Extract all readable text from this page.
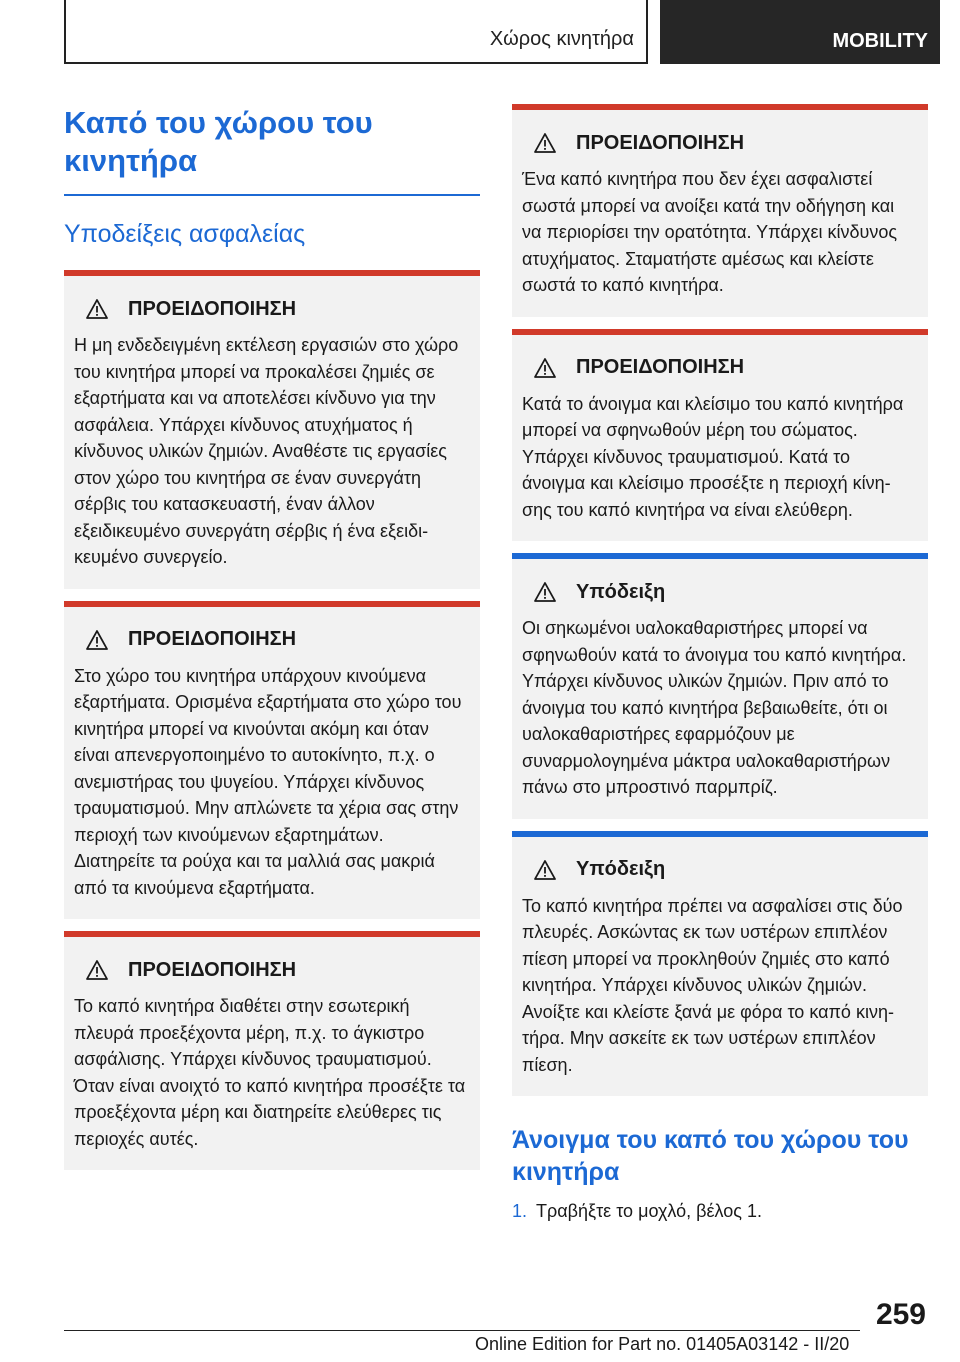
Χώρος κινητήρα	MOBILITY
Καπό του χώρου του κινητήρα
Υποδείξεις ασφαλείας
ΠΡΟΕΙΔΟΠΟΙΗΣΗ
Η μη ενδεδειγμένη εκτέλεση εργασιών στο χώρο του κινητήρα μπορεί να προκαλέσει ζημιές σε εξαρτήματα και να αποτελέσει κίνδυνο για την ασφάλεια. Υπάρχει κίνδυνος ατυχήματος ή κίνδυνος υλικών ζημιών. Αναθέστε τις εργασίες στον χώρο του κινητήρα σε έναν συνεργάτη σέρβις του κατασκευαστή, έναν άλλον εξειδικευμένο συνεργάτη σέρβις ή ένα εξειδικευμένο συνεργείο.
ΠΡΟΕΙΔΟΠΟΙΗΣΗ
Στο χώρο του κινητήρα υπάρχουν κινούμενα εξαρτήματα. Ορισμένα εξαρτήματα στο χώρο του κινητήρα μπορεί να κινούνται ακόμη και όταν είναι απενεργοποιημένο το αυτοκίνητο, π.χ. ο ανεμιστήρας του ψυγείου. Υπάρχει κίνδυνος τραυματισμού. Μην απλώνετε τα χέρια σας στην περιοχή των κινούμενων εξαρτημάτων. Διατηρείτε τα ρούχα και τα μαλλιά σας μακριά από τα κινούμενα εξαρτήματα.
ΠΡΟΕΙΔΟΠΟΙΗΣΗ
Το καπό κινητήρα διαθέτει στην εσωτερική πλευρά προεξέχοντα μέρη, π.χ. το άγκιστρο ασφάλισης. Υπάρχει κίνδυνος τραυματισμού. Όταν είναι ανοιχτό το καπό κινητήρα προσέξτε τα προεξέχοντα μέρη και διατηρείτε ελεύθερες τις περιοχές αυτές.
ΠΡΟΕΙΔΟΠΟΙΗΣΗ
Ένα καπό κινητήρα που δεν έχει ασφαλιστεί σωστά μπορεί να ανοίξει κατά την οδήγηση και να περιορίσει την ορατότητα. Υπάρχει κίνδυνος ατυχήματος. Σταματήστε αμέσως και κλείστε σωστά το καπό κινητήρα.
ΠΡΟΕΙΔΟΠΟΙΗΣΗ
Κατά το άνοιγμα και κλείσιμο του καπό κινητήρα μπορεί να σφηνωθούν μέρη του σώματος. Υπάρχει κίνδυνος τραυματισμού. Κατά το άνοιγμα και κλείσιμο προσέξτε η περιοχή κίνησης του καπό κινητήρα να είναι ελεύθερη.
Υπόδειξη
Οι σηκωμένοι υαλοκαθαριστήρες μπορεί να σφηνωθούν κατά το άνοιγμα του καπό κινητήρα. Υπάρχει κίνδυνος υλικών ζημιών. Πριν από το άνοιγμα του καπό κινητήρα βεβαιωθείτε, ότι οι υαλοκαθαριστήρες εφαρμόζουν με συναρμολογημένα μάκτρα υαλοκαθαριστήρων πάνω στο μπροστινό παρμπρίζ.
Υπόδειξη
Το καπό κινητήρα πρέπει να ασφαλίσει στις δύο πλευρές. Ασκώντας εκ των υστέρων επιπλέον πίεση μπορεί να προκληθούν ζημιές στο καπό κινητήρα. Υπάρχει κίνδυνος υλικών ζημιών. Ανοίξτε και κλείστε ξανά με φόρα το καπό κινητήρα. Μην ασκείτε εκ των υστέρων επιπλέον πίεση.
Άνοιγμα του καπό του χώρου του κινητήρα
1. Τραβήξτε το μοχλό, βέλος 1.
259
Online Edition for Part no. 01405A03142 - II/20
